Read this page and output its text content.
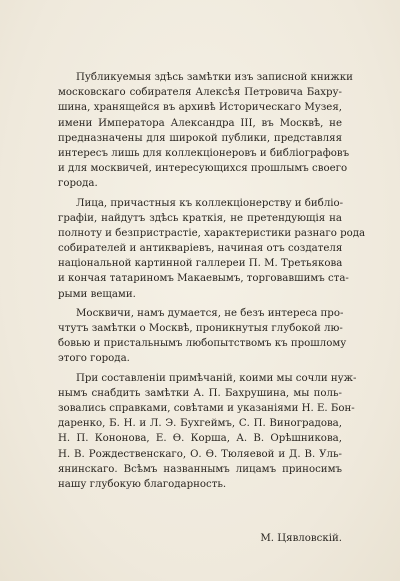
Публикуемыя здѣсь замѣтки изъ записной книжки
московскаго собирателя Алексѣя Петровича Бахру-
шина, хранящейся въ архивѣ Историческаго Музея,
имени Императора Александра III, въ Москвѣ, не
предназначены для широкой публики, представляя
интересъ лишь для коллекціонеровъ и библіографовъ
и для москвичей, интересующихся прошлымъ своего
города.
Лица, причастныя къ коллекціонерству и библіо-
графіи, найдутъ здѣсь краткія, не претендующія на
полноту и безпристрастіе, характеристики разнаго рода
собирателей и антикваріевъ, начиная отъ создателя
національной картинной галлереи П. М. Третьякова
и кончая татариномъ Макаевымъ, торговавшимъ ста-
рыми вещами.
Москвичи, намъ думается, не безъ интереса про-
чтутъ замѣтки о Москвѣ, проникнутыя глубокой лю-
бовью и пристальнымъ любопытствомъ къ прошлому
этого города.
При составленіи примѣчаній, коими мы сочли нуж-
нымъ снабдить замѣтки А. П. Бахрушина, мы поль-
зовались справками, совѣтами и указаніями Н. Е. Бон-
даренко, Б. Н. и Л. Э. Бухгеймъ, С. П. Виноградова,
Н. П. Кононова, Е. Ѳ. Корша, А. В. Орѣшникова,
Н. В. Рождественскаго, О. Ѳ. Тюляевой и Д. В. Уль-
янинскаго. Всѣмъ названнымъ лицамъ приносимъ
нашу глубокую благодарность.
М. Цявловскій.
